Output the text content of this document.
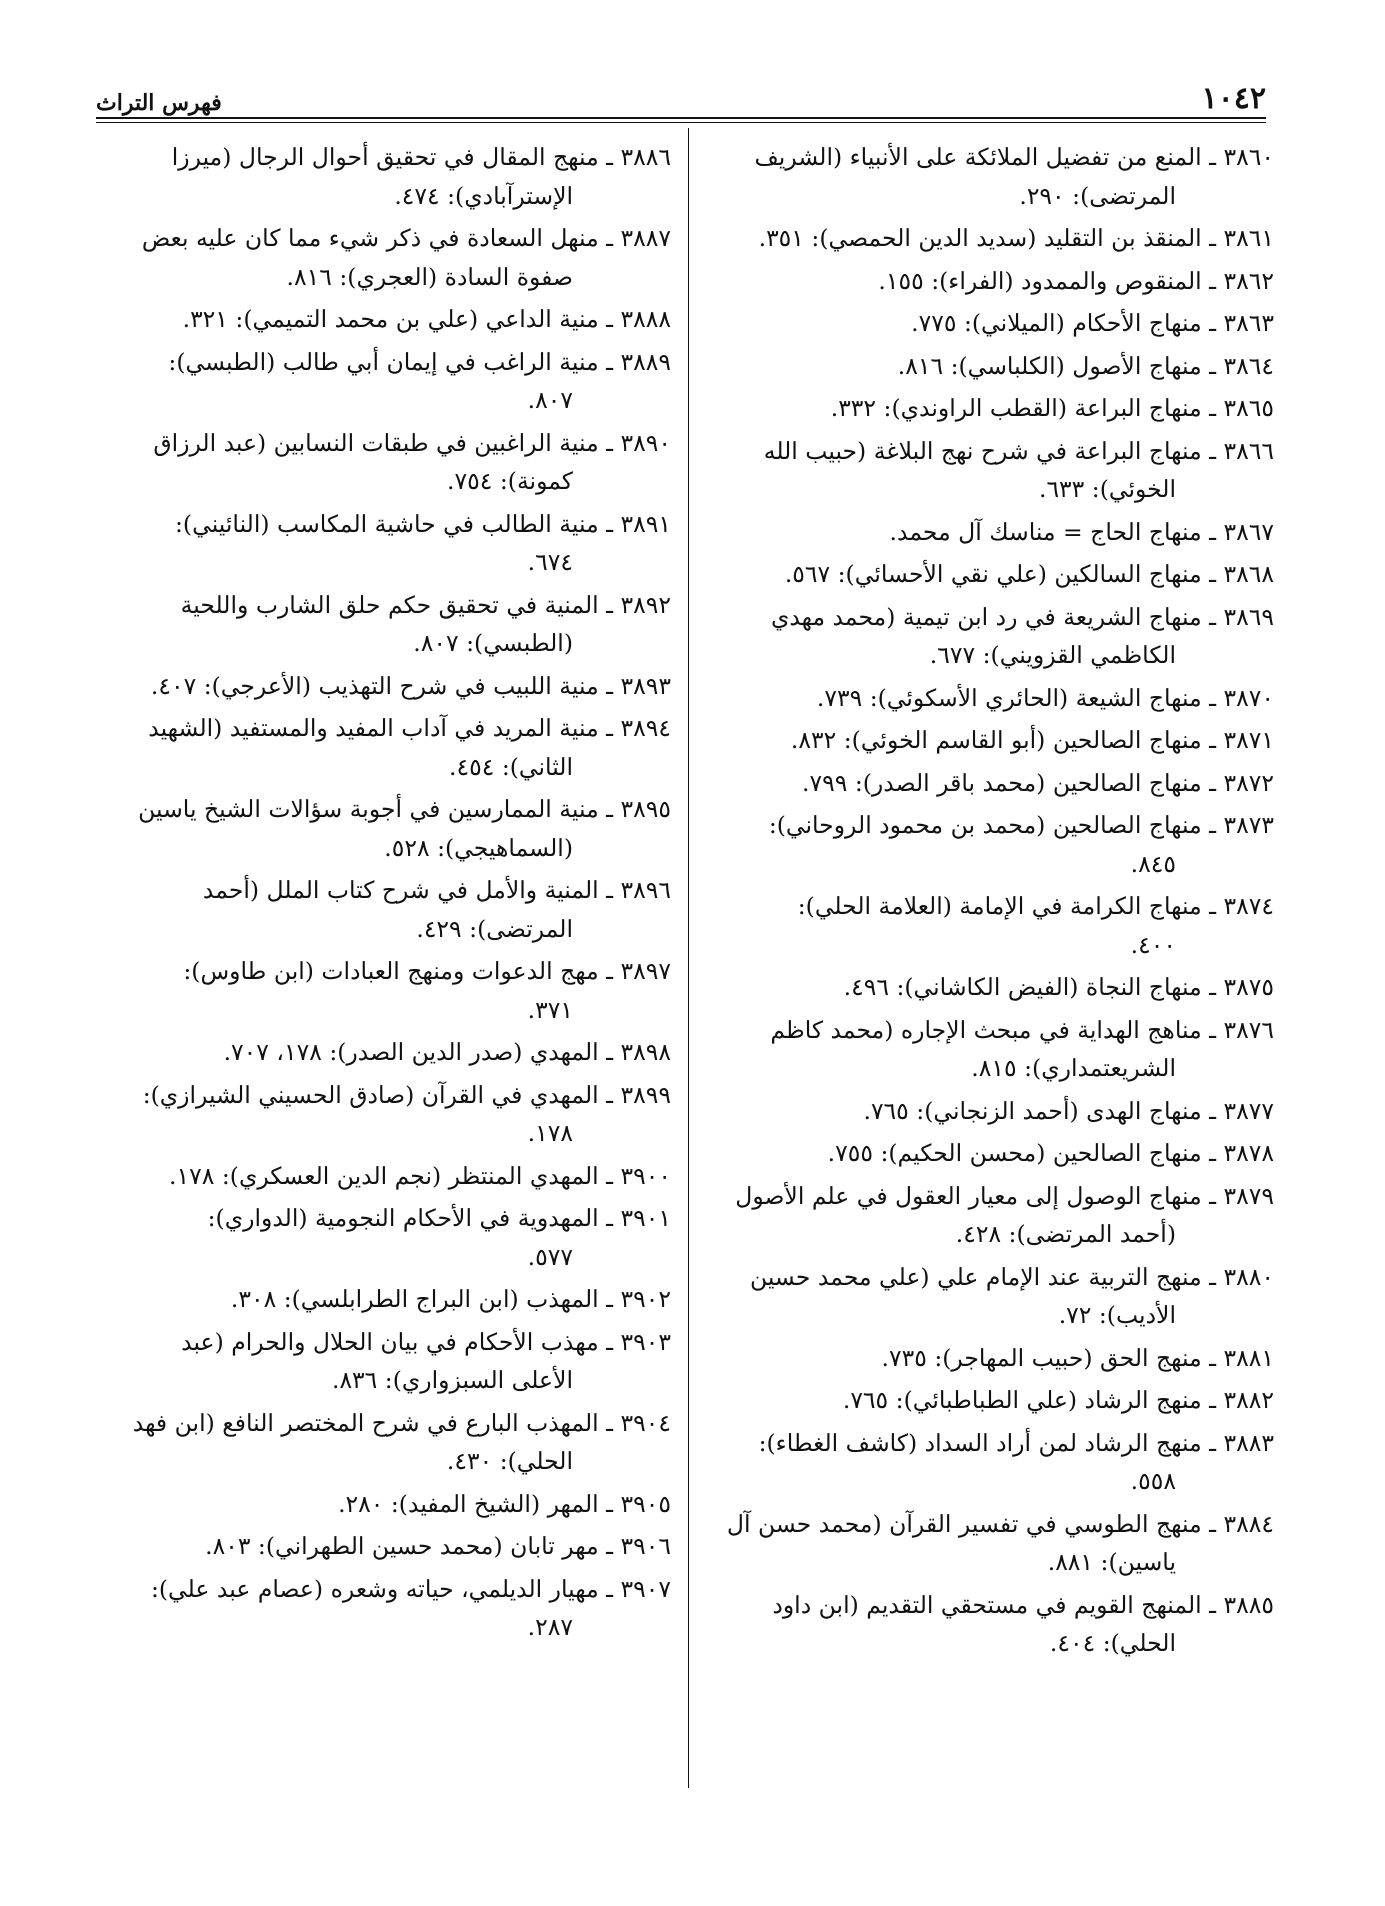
١٠٤٢
فهرس التراث

٣٨٦٠ ـ المنع من تفضيل الملائكة على الأنبياء (الشريف
المرتضى): ٢٩٠.

٣٨٦١ ـ المنقذ بن التقليد (سديد الدين الحمصي): ٣٥١.

٣٨٦٢ ـ المنقوص والممدود (الفراء): ١٥٥.

٣٨٦٣ ـ منهاج الأحكام (الميلاني): ٧٧٥.

٣٨٦٤ ـ منهاج الأصول (الكلباسي): ٨١٦.

٣٨٦٥ ـ منهاج البراعة (القطب الراوندي): ٣٣٢.

٣٨٦٦ ـ منهاج البراعة في شرح نهج البلاغة (حبيب الله
الخوئي): ٦٣٣.

٣٨٦٧ ـ منهاج الحاج = مناسك آل محمد.

٣٨٦٨ ـ منهاج السالكين (علي نقي الأحسائي): ٥٦٧.

٣٨٦٩ ـ منهاج الشريعة في رد ابن تيمية (محمد مهدي
الكاظمي القزويني): ٦٧٧.

٣٨٧٠ ـ منهاج الشيعة (الحائري الأسكوئي): ٧٣٩.

٣٨٧١ ـ منهاج الصالحين (أبو القاسم الخوئي): ٨٣٢.

٣٨٧٢ ـ منهاج الصالحين (محمد باقر الصدر): ٧٩٩.

٣٨٧٣ ـ منهاج الصالحين (محمد بن محمود الروحاني):
٨٤٥.

٣٨٧٤ ـ منهاج الكرامة في الإمامة (العلامة الحلي):
٤٠٠.

٣٨٧٥ ـ منهاج النجاة (الفيض الكاشاني): ٤٩٦.

٣٨٧٦ ـ مناهج الهداية في مبحث الإجاره (محمد كاظم
الشريعتمداري): ٨١٥.

٣٨٧٧ ـ منهاج الهدى (أحمد الزنجاني): ٧٦٥.

٣٨٧٨ ـ منهاج الصالحين (محسن الحكيم): ٧٥٥.

٣٨٧٩ ـ منهاج الوصول إلى معيار العقول في علم الأصول
(أحمد المرتضى): ٤٢٨.

٣٨٨٠ ـ منهج التربية عند الإمام علي (علي محمد حسين
الأديب): ٧٢.

٣٨٨١ ـ منهج الحق (حبيب المهاجر): ٧٣٥.

٣٨٨٢ ـ منهج الرشاد (علي الطباطبائي): ٧٦٥.

٣٨٨٣ ـ منهج الرشاد لمن أراد السداد (كاشف الغطاء):
٥٥٨.

٣٨٨٤ ـ منهج الطوسي في تفسير القرآن (محمد حسن آل
ياسين): ٨٨١.

٣٨٨٥ ـ المنهج القويم في مستحقي التقديم (ابن داود
الحلي): ٤٠٤.

٣٨٨٦ ـ منهج المقال في تحقيق أحوال الرجال (ميرزا
الإسترآبادي): ٤٧٤.

٣٨٨٧ ـ منهل السعادة في ذكر شيء مما كان عليه بعض
صفوة السادة (العجري): ٨١٦.

٣٨٨٨ ـ منية الداعي (علي بن محمد التميمي): ٣٢١.

٣٨٨٩ ـ منية الراغب في إيمان أبي طالب (الطبسي):
٨٠٧.

٣٨٩٠ ـ منية الراغبين في طبقات النسابين (عبد الرزاق
كمونة): ٧٥٤.

٣٨٩١ ـ منية الطالب في حاشية المكاسب (النائيني):
٦٧٤.

٣٨٩٢ ـ المنية في تحقيق حكم حلق الشارب واللحية
(الطبسي): ٨٠٧.

٣٨٩٣ ـ منية اللبيب في شرح التهذيب (الأعرجي): ٤٠٧.

٣٨٩٤ ـ منية المريد في آداب المفيد والمستفيد (الشهيد
الثاني): ٤٥٤.

٣٨٩٥ ـ منية الممارسين في أجوبة سؤالات الشيخ ياسين
(السماهيجي): ٥٢٨.

٣٨٩٦ ـ المنية والأمل في شرح كتاب الملل (أحمد
المرتضى): ٤٢٩.

٣٨٩٧ ـ مهج الدعوات ومنهج العبادات (ابن طاوس):
٣٧١.

٣٨٩٨ ـ المهدي (صدر الدين الصدر): ١٧٨، ٧٠٧.

٣٨٩٩ ـ المهدي في القرآن (صادق الحسيني الشيرازي):
١٧٨.

٣٩٠٠ ـ المهدي المنتظر (نجم الدين العسكري): ١٧٨.

٣٩٠١ ـ المهدوية في الأحكام النجومية (الدواري):
٥٧٧.

٣٩٠٢ ـ المهذب (ابن البراج الطرابلسي): ٣٠٨.

٣٩٠٣ ـ مهذب الأحكام في بيان الحلال والحرام (عبد
الأعلى السبزواري): ٨٣٦.

٣٩٠٤ ـ المهذب البارع في شرح المختصر النافع (ابن فهد
الحلي): ٤٣٠.

٣٩٠٥ ـ المهر (الشيخ المفيد): ٢٨٠.

٣٩٠٦ ـ مهر تابان (محمد حسين الطهراني): ٨٠٣.

٣٩٠٧ ـ مهيار الديلمي، حياته وشعره (عصام عبد علي):
٢٨٧.
